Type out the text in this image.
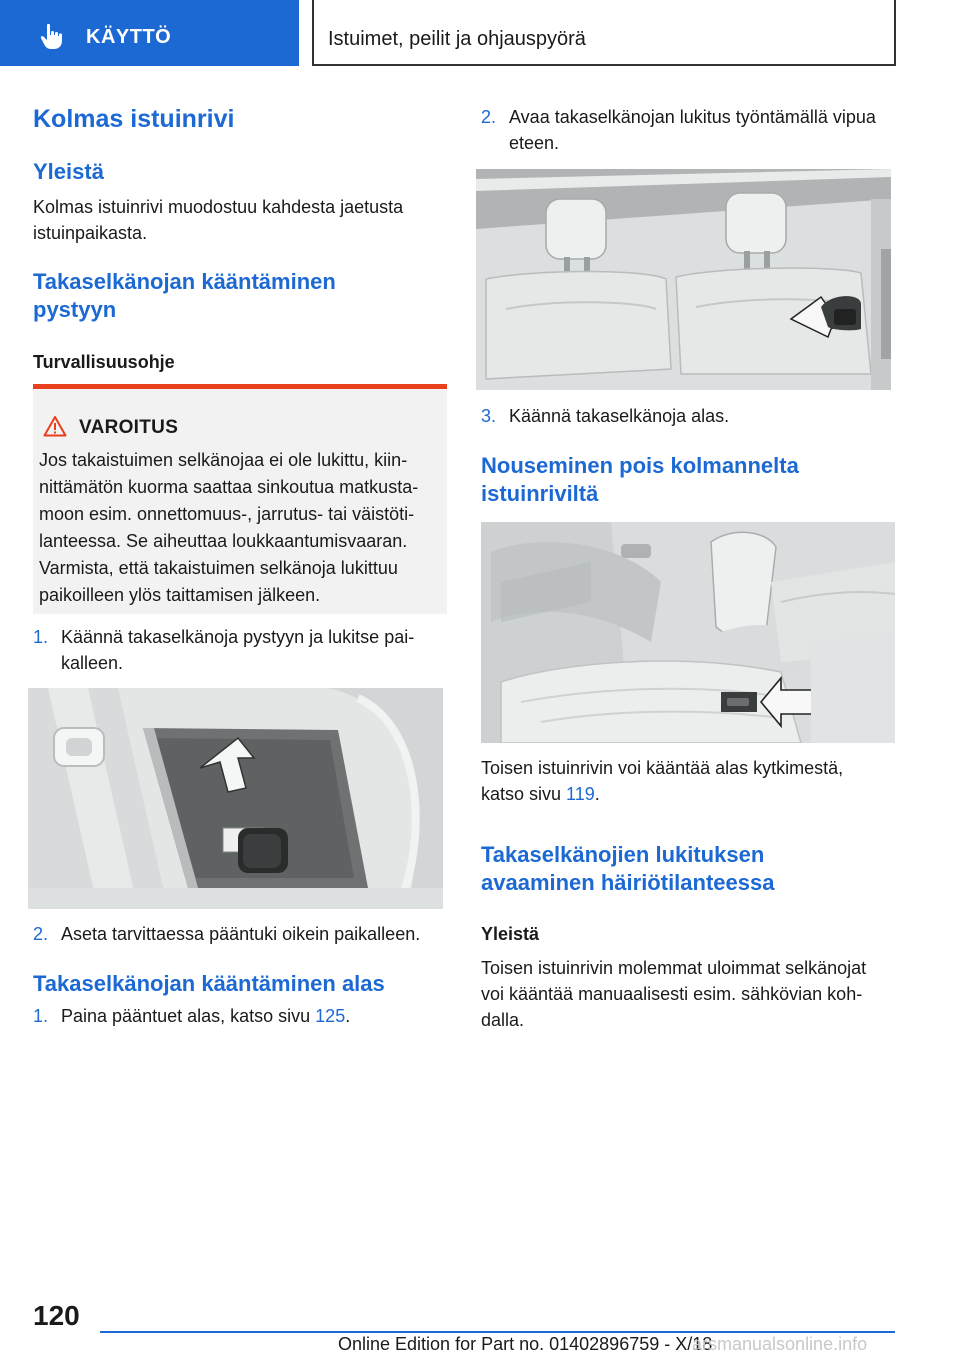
KÄYTTÖ	Istuimet, peilit ja ohjauspyörä
Kolmas istuinrivi
Yleistä
Kolmas istuinrivi muodostuu kahdesta jaetusta
istuinpaikasta.
Takaselkänojan kääntäminen
pystyyn
Turvallisuusohje
VAROITUS
Jos takaistuimen selkänojaa ei ole lukittu, kiin-
nittämätön kuorma saattaa sinkoutua matkusta-
moon esim. onnettomuus-, jarrutus- tai väistöti-
lanteessa. Se aiheuttaa loukkaantumisvaaran.
Varmista, että takaistuimen selkänoja lukittuu
paikoilleen ylös taittamisen jälkeen.
1. Käännä takaselkänoja pystyyn ja lukitse pai-
kalleen.
2. Aseta tarvittaessa pääntuki oikein paikalleen.
Takaselkänojan kääntäminen alas
1. Paina pääntuet alas, katso sivu 125.
2. Avaa takaselkänojan lukitus työntämällä vipua
eteen.
3. Käännä takaselkänoja alas.
Nouseminen pois kolmannelta
istuinriviltä
Toisen istuinrivin voi kääntää alas kytkimestä,
katso sivu 119.
Takaselkänojien lukituksen
avaaminen häiriötilanteessa
Yleistä
Toisen istuinrivin molemmat uloimmat selkänojat
voi kääntää manuaalisesti esim. sähkövian koh-
dalla.
120
Online Edition for Part no. 01402896759 - X/18
arsmanualsonline.info
